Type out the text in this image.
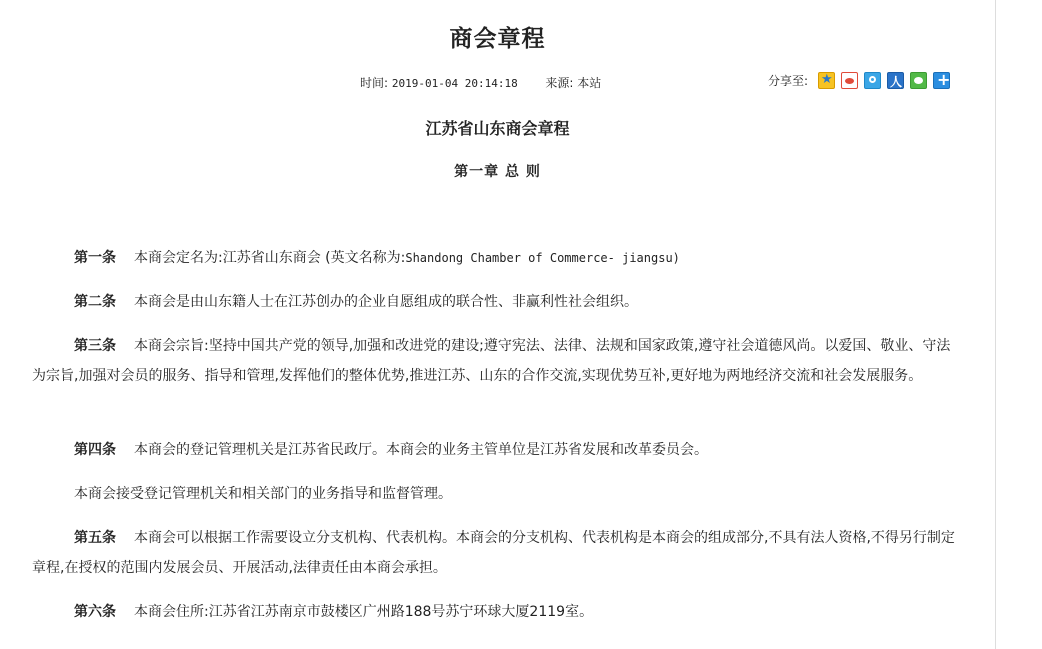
商会章程
时间: 2019-01-04 20:14:18 来源: 本站	分享至:
★
人
+
江苏省山东商会章程
第一章 总 则
第一条 本商会定名为:江苏省山东商会 (英文名称为:Shandong Chamber of Commerce- jiangsu)
第二条 本商会是由山东籍人士在江苏创办的企业自愿组成的联合性、非赢利性社会组织。
第三条 本商会宗旨:坚持中国共产党的领导,加强和改进党的建设;遵守宪法、法律、法规和国家政策,遵守社会道德风尚。以爱国、敬业、守法为宗旨,加强对会员的服务、指导和管理,发挥他们的整体优势,推进江苏、山东的合作交流,实现优势互补,更好地为两地经济交流和社会发展服务。
第四条 本商会的登记管理机关是江苏省民政厅。本商会的业务主管单位是江苏省发展和改革委员会。
本商会接受登记管理机关和相关部门的业务指导和监督管理。
第五条 本商会可以根据工作需要设立分支机构、代表机构。本商会的分支机构、代表机构是本商会的组成部分,不具有法人资格,不得另行制定章程,在授权的范围内发展会员、开展活动,法律责任由本商会承担。
第六条 本商会住所:江苏省江苏南京市鼓楼区广州路188号苏宁环球大厦2119室。
